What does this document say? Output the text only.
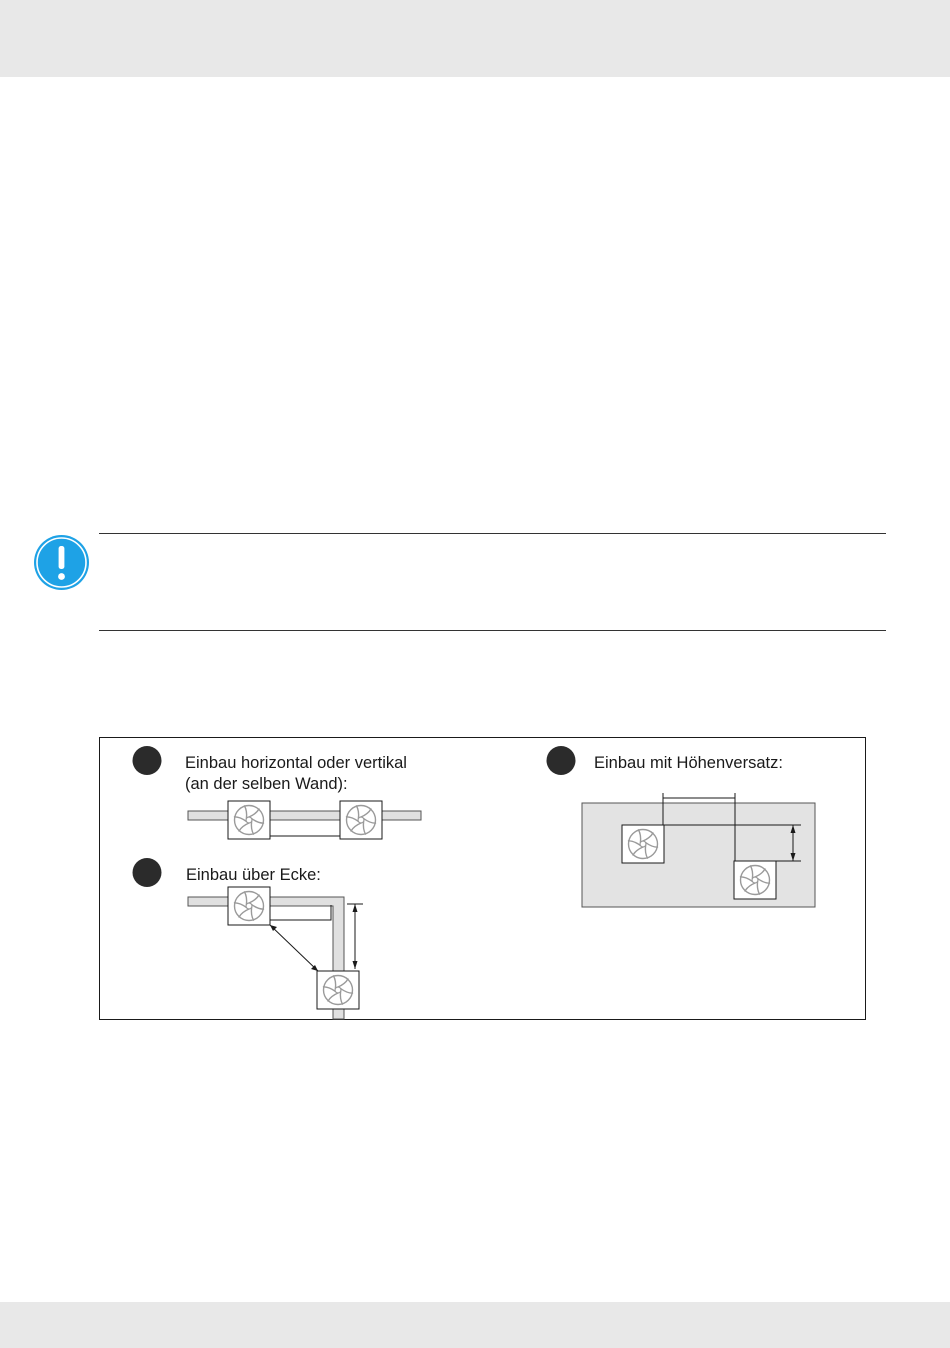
Einbau horizontal oder vertikal
(an der selben Wand):
Einbau über Ecke:
Einbau mit Höhenversatz:
